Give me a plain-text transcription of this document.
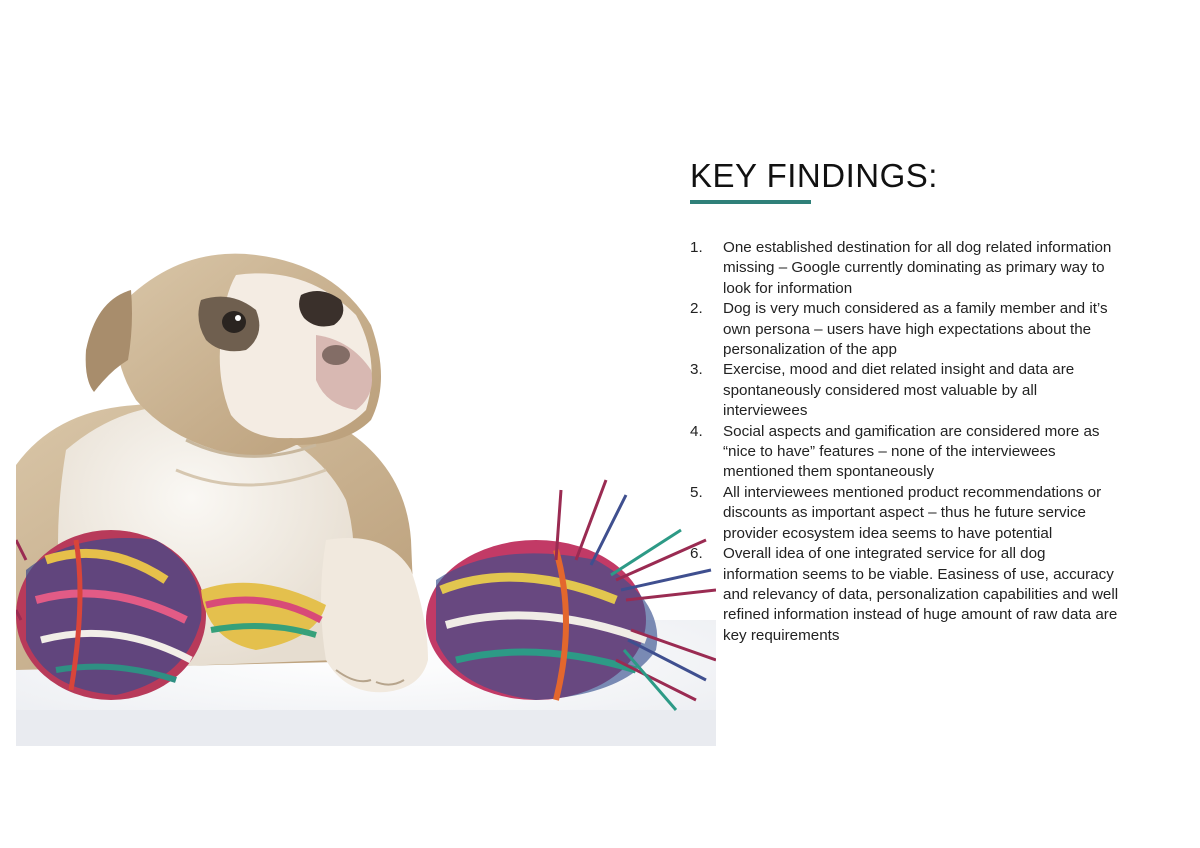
KEY FINDINGS:
1. One established destination for all dog related information missing – Google currently dominating as primary way to look for information
2. Dog is very much considered as a family member and it’s own persona – users have high expectations about the personalization of the app
3. Exercise, mood and diet related insight and data are spontaneously considered most valuable by all interviewees
4. Social aspects and gamification are considered more as “nice to have” features – none of the interviewees mentioned them spontaneously
5. All interviewees mentioned product recommendations or discounts as important aspect – thus he future service provider ecosystem idea seems to have potential
6. Overall idea of one integrated service for all dog information seems to be viable. Easiness of use, accuracy and relevancy of data, personalization capabilities and well refined information instead of huge amount of raw data are key requirements
